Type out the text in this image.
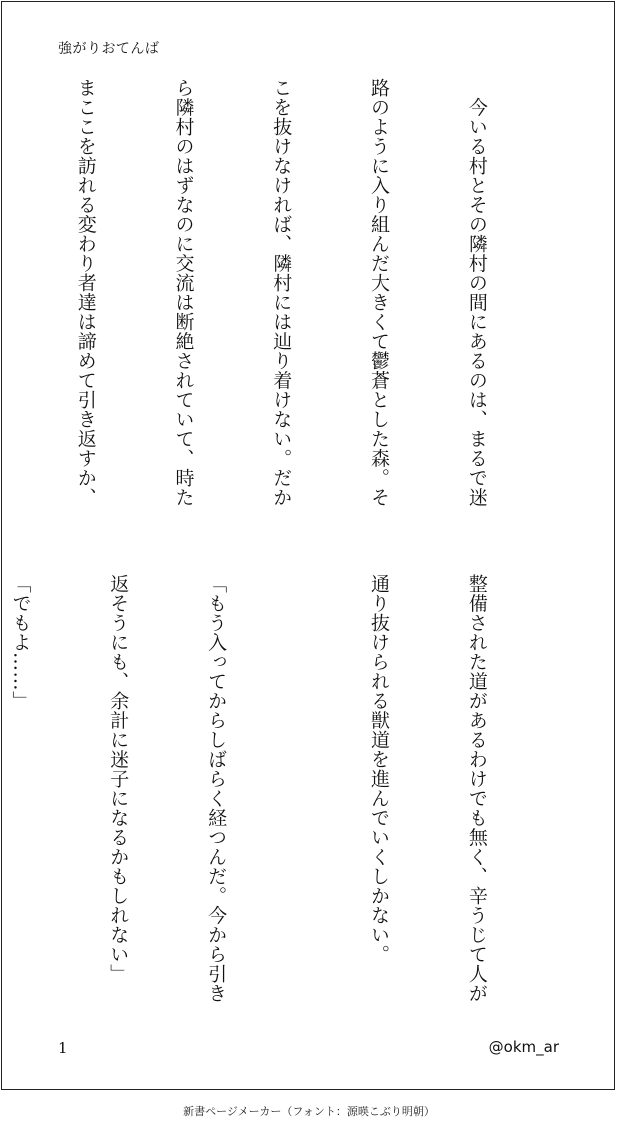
強がりおてんば

　今いる村とその隣村の間にあるのは、まるで迷

路のように入り組んだ大きくて鬱蒼とした森。そ

こを抜けなければ、隣村には辿り着けない。だか

ら隣村のはずなのに交流は断絶されていて、時た

まここを訪れる変わり者達は諦めて引き返すか、

整備された道があるわけでも無く、辛うじて人が

通り抜けられる獣道を進んでいくしかない。

「もう入ってからしばらく経つんだ。今から引き

返そうにも、余計に迷子になるかもしれない」

「でもよ……」

1	@okm_ar
新書ページメーカー（フォント：源暎こぶり明朝）
